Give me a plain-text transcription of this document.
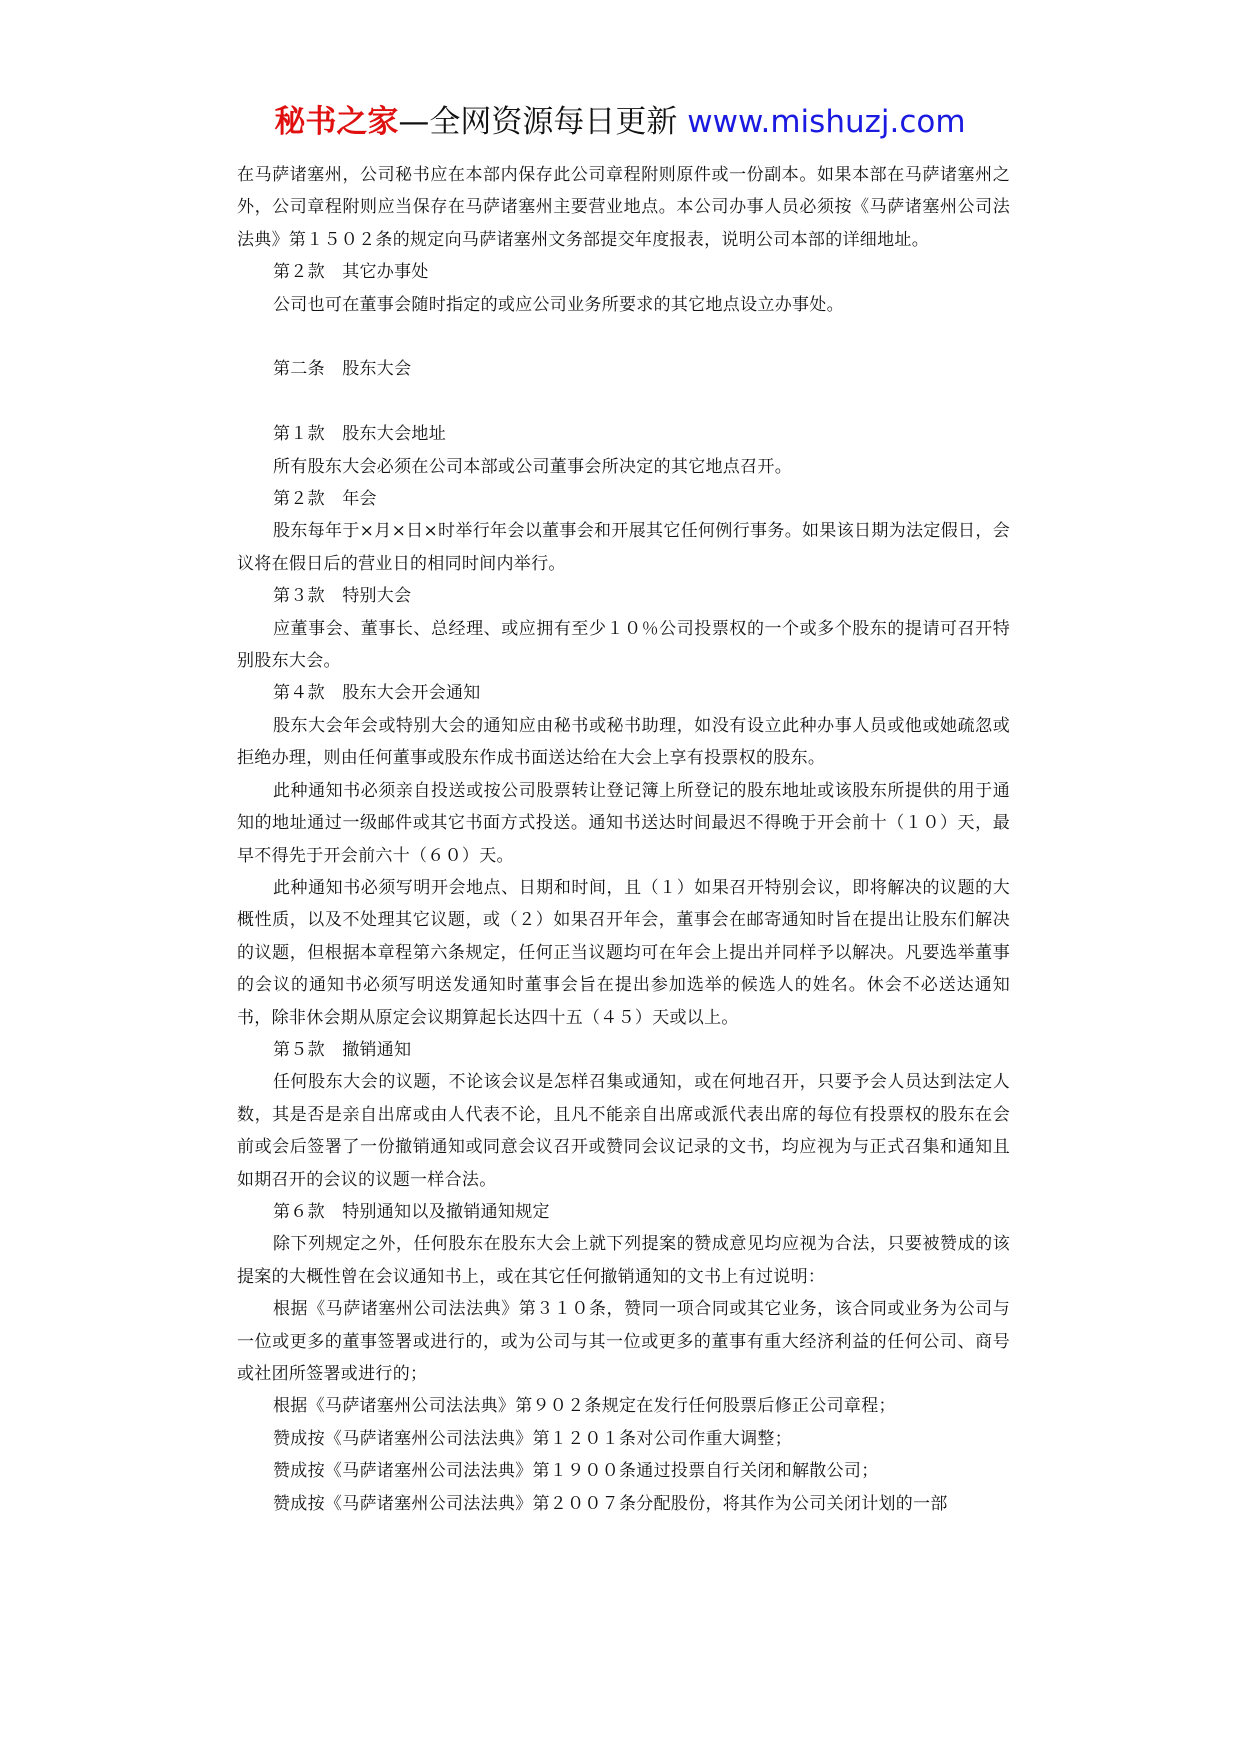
秘书之家—全网资源每日更新 www.mishuzj.com

在马萨诸塞州，公司秘书应在本部内保存此公司章程附则原件或一份副本。如果本部在马萨诸塞州之外，公司章程附则应当保存在马萨诸塞州主要营业地点。本公司办事人员必须按《马萨诸塞州公司法法典》第１５０２条的规定向马萨诸塞州文务部提交年度报表，说明公司本部的详细地址。

第２款　其它办事处

公司也可在董事会随时指定的或应公司业务所要求的其它地点设立办事处。

第二条　股东大会

第１款　股东大会地址

所有股东大会必须在公司本部或公司董事会所决定的其它地点召开。

第２款　年会

股东每年于×月×日×时举行年会以董事会和开展其它任何例行事务。如果该日期为法定假日，会议将在假日后的营业日的相同时间内举行。

第３款　特别大会

应董事会、董事长、总经理、或应拥有至少１０％公司投票权的一个或多个股东的提请可召开特别股东大会。

第４款　股东大会开会通知

股东大会年会或特别大会的通知应由秘书或秘书助理，如没有设立此种办事人员或他或她疏忽或拒绝办理，则由任何董事或股东作成书面送达给在大会上享有投票权的股东。

此种通知书必须亲自投送或按公司股票转让登记簿上所登记的股东地址或该股东所提供的用于通知的地址通过一级邮件或其它书面方式投送。通知书送达时间最迟不得晚于开会前十（１０）天，最早不得先于开会前六十（６０）天。

此种通知书必须写明开会地点、日期和时间，且（１）如果召开特别会议，即将解决的议题的大概性质，以及不处理其它议题，或（２）如果召开年会，董事会在邮寄通知时旨在提出让股东们解决的议题，但根据本章程第六条规定，任何正当议题均可在年会上提出并同样予以解决。凡要选举董事的会议的通知书必须写明送发通知时董事会旨在提出参加选举的候选人的姓名。休会不必送达通知书，除非休会期从原定会议期算起长达四十五（４５）天或以上。

第５款　撤销通知

任何股东大会的议题，不论该会议是怎样召集或通知，或在何地召开，只要予会人员达到法定人数，其是否是亲自出席或由人代表不论，且凡不能亲自出席或派代表出席的每位有投票权的股东在会前或会后签署了一份撤销通知或同意会议召开或赞同会议记录的文书，均应视为与正式召集和通知且如期召开的会议的议题一样合法。

第６款　特别通知以及撤销通知规定

除下列规定之外，任何股东在股东大会上就下列提案的赞成意见均应视为合法，只要被赞成的该提案的大概性曾在会议通知书上，或在其它任何撤销通知的文书上有过说明：

根据《马萨诸塞州公司法法典》第３１０条，赞同一项合同或其它业务，该合同或业务为公司与一位或更多的董事签署或进行的，或为公司与其一位或更多的董事有重大经济利益的任何公司、商号或社团所签署或进行的；

根据《马萨诸塞州公司法法典》第９０２条规定在发行任何股票后修正公司章程；

赞成按《马萨诸塞州公司法法典》第１２０１条对公司作重大调整；

赞成按《马萨诸塞州公司法法典》第１９００条通过投票自行关闭和解散公司；

赞成按《马萨诸塞州公司法法典》第２００７条分配股份，将其作为公司关闭计划的一部
